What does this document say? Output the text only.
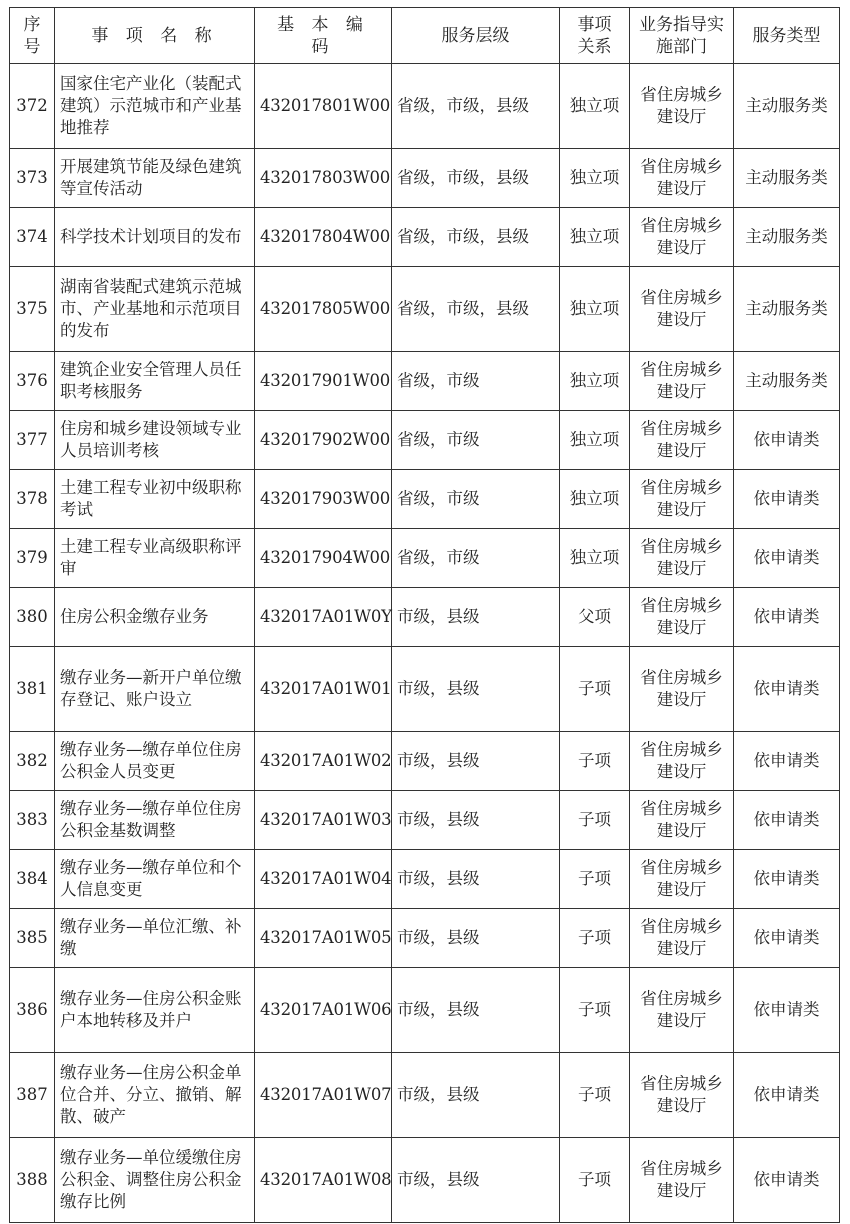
序号	事 项 名 称	基 本 编 码	服务层级	事项关系	业务指导实施部门	服务类型
372	国家住宅产业化（装配式建筑）示范城市和产业基地推荐	432017801W00	省级，市级，县级	独立项	省住房城乡建设厅	主动服务类
373	开展建筑节能及绿色建筑等宣传活动	432017803W00	省级，市级，县级	独立项	省住房城乡建设厅	主动服务类
374	科学技术计划项目的发布	432017804W00	省级，市级，县级	独立项	省住房城乡建设厅	主动服务类
375	湖南省装配式建筑示范城市、产业基地和示范项目的发布	432017805W00	省级，市级，县级	独立项	省住房城乡建设厅	主动服务类
376	建筑企业安全管理人员任职考核服务	432017901W00	省级，市级	独立项	省住房城乡建设厅	主动服务类
377	住房和城乡建设领域专业人员培训考核	432017902W00	省级，市级	独立项	省住房城乡建设厅	依申请类
378	土建工程专业初中级职称考试	432017903W00	省级，市级	独立项	省住房城乡建设厅	依申请类
379	土建工程专业高级职称评审	432017904W00	省级，市级	独立项	省住房城乡建设厅	依申请类
380	住房公积金缴存业务	432017A01W0Y	市级，县级	父项	省住房城乡建设厅	依申请类
381	缴存业务—新开户单位缴存登记、账户设立	432017A01W01	市级，县级	子项	省住房城乡建设厅	依申请类
382	缴存业务—缴存单位住房公积金人员变更	432017A01W02	市级，县级	子项	省住房城乡建设厅	依申请类
383	缴存业务—缴存单位住房公积金基数调整	432017A01W03	市级，县级	子项	省住房城乡建设厅	依申请类
384	缴存业务—缴存单位和个人信息变更	432017A01W04	市级，县级	子项	省住房城乡建设厅	依申请类
385	缴存业务—单位汇缴、补缴	432017A01W05	市级，县级	子项	省住房城乡建设厅	依申请类
386	缴存业务—住房公积金账户本地转移及并户	432017A01W06	市级，县级	子项	省住房城乡建设厅	依申请类
387	缴存业务—住房公积金单位合并、分立、撤销、解散、破产	432017A01W07	市级，县级	子项	省住房城乡建设厅	依申请类
388	缴存业务—单位缓缴住房公积金、调整住房公积金缴存比例	432017A01W08	市级，县级	子项	省住房城乡建设厅	依申请类
